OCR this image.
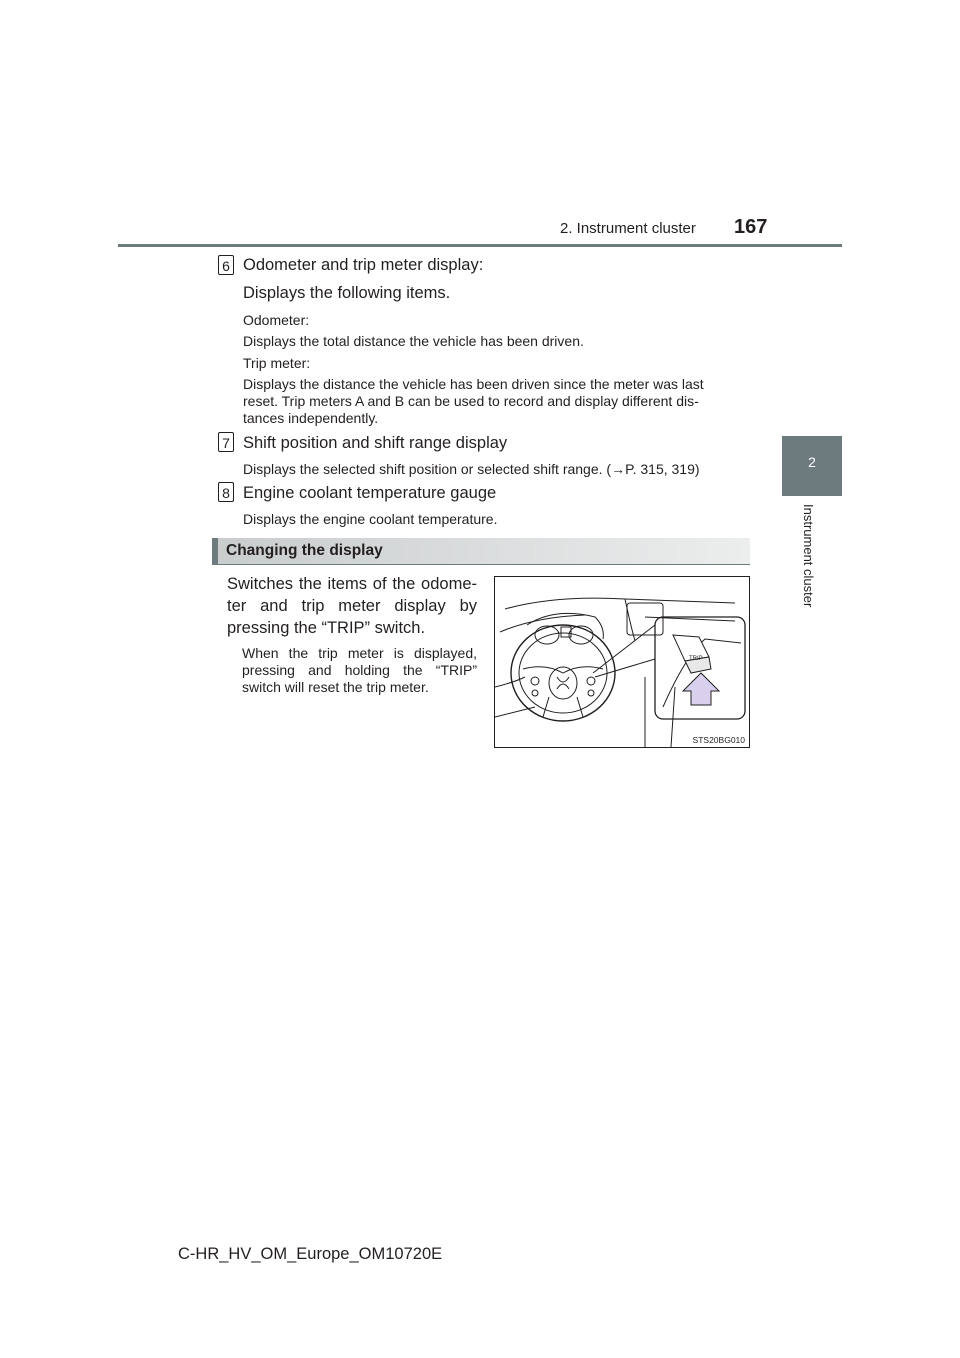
2. Instrument cluster 167
2
Instrument cluster
6 Odometer and trip meter display:
Displays the following items.
Odometer:
Displays the total distance the vehicle has been driven.
Trip meter:
Displays the distance the vehicle has been driven since the meter was last
reset. Trip meters A and B can be used to record and display different dis-
tances independently.
7 Shift position and shift range display
Displays the selected shift position or selected shift range. (→P. 315, 319)
8 Engine coolant temperature gauge
Displays the engine coolant temperature.
Changing the display
Switches the items of the odome-
ter and trip meter display by
pressing the “TRIP” switch.
When the trip meter is displayed,
pressing and holding the “TRIP”
switch will reset the trip meter.
TRIP
STS20BG010
C-HR_HV_OM_Europe_OM10720E
